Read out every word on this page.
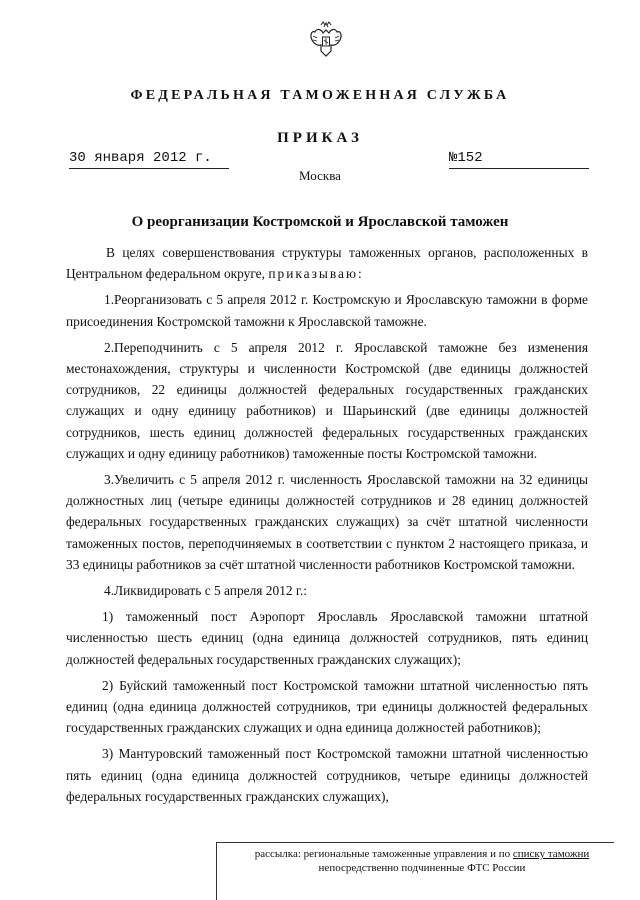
ФЕДЕРАЛЬНАЯ ТАМОЖЕННАЯ СЛУЖБА
ПРИКАЗ
30 января 2012 г.	№152
Москва
О реорганизации Костромской и Ярославской таможен

В целях совершенствования структуры таможенных органов, расположенных в Центральном федеральном округе, приказываю:

1.Реорганизовать с 5 апреля 2012 г. Костромскую и Ярославскую таможни в форме присоединения Костромской таможни к Ярославской таможне.

2.Переподчинить с 5 апреля 2012 г. Ярославской таможне без изменения местонахождения, структуры и численности Костромской (две единицы должностей сотрудников, 22 единицы должностей федеральных государственных гражданских служащих и одну единицу работников) и Шарьинский (две единицы должностей сотрудников, шесть единиц должностей федеральных государственных гражданских служащих и одну единицу работников) таможенные посты Костромской таможни.

3.Увеличить с 5 апреля 2012 г. численность Ярославской таможни на 32 единицы должностных лиц (четыре единицы должностей сотрудников и 28 единиц должностей федеральных государственных гражданских служащих) за счёт штатной численности таможенных постов, переподчиняемых в соответствии с пунктом 2 настоящего приказа, и 33 единицы работников за счёт штатной численности работников Костромской таможни.

4.Ликвидировать с 5 апреля 2012 г.:

1) таможенный пост Аэропорт Ярославль Ярославской таможни штатной численностью шесть единиц (одна единица должностей сотрудников, пять единиц должностей федеральных государственных гражданских служащих);

2) Буйский таможенный пост Костромской таможни штатной численностью пять единиц (одна единица должностей сотрудников, три единицы должностей федеральных государственных гражданских служащих и одна единица должностей работников);

3) Мантуровский таможенный пост Костромской таможни штатной численностью пять единиц (одна единица должностей сотрудников, четыре единицы должностей федеральных государственных гражданских служащих),

рассылка: региональные таможенные управления и по списку таможни
непосредственно подчиненные ФТС России
